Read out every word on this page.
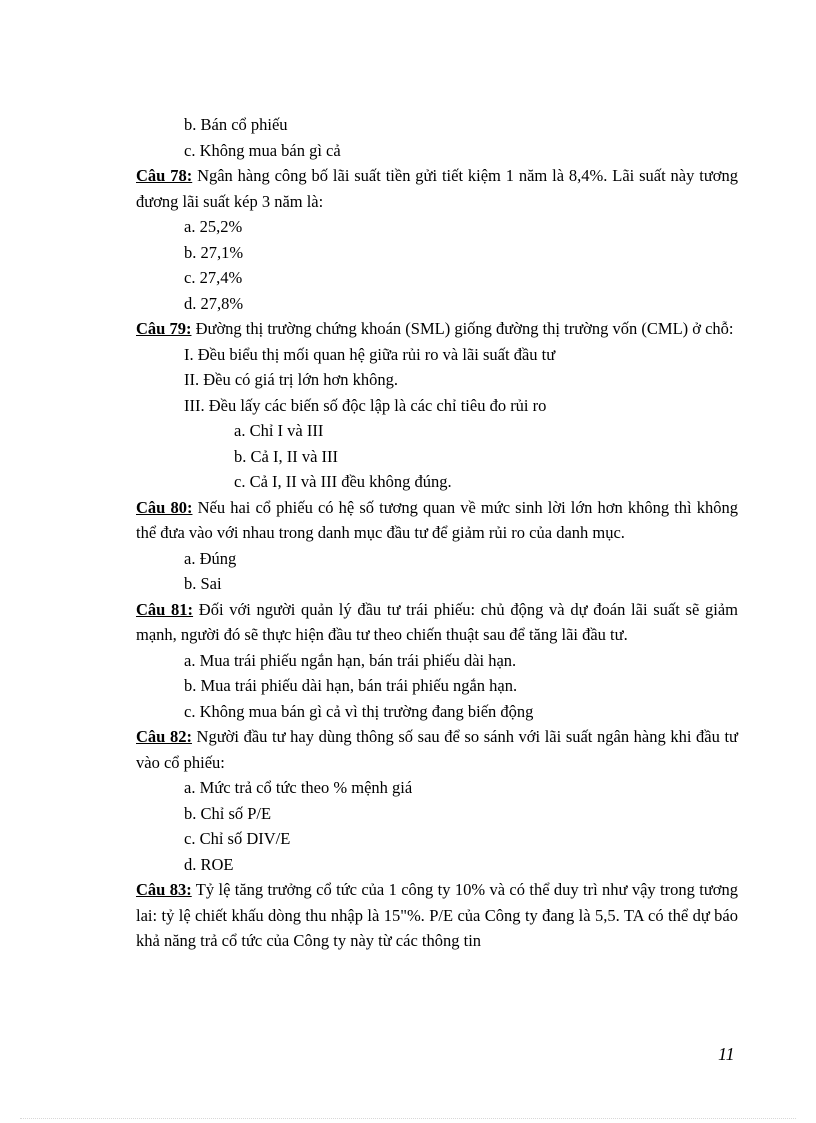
b. Bán cổ phiếu
c. Không mua bán gì cả
Câu 78: Ngân hàng công bố lãi suất tiền gửi tiết kiệm 1 năm là 8,4%. Lãi suất này tương đương lãi suất kép 3 năm là:
a. 25,2%
b. 27,1%
c. 27,4%
d. 27,8%
Câu 79: Đường thị trường chứng khoán (SML) giống đường thị trường vốn (CML) ở chỗ:
I. Đều biểu thị mối quan hệ giữa rủi ro và lãi suất đầu tư
II. Đều có giá trị lớn hơn không.
III. Đều lấy các biến số độc lập là các chỉ tiêu đo rủi ro
a. Chỉ I và III
b. Cả I, II và III
c. Cả I, II và III đều không đúng.
Câu 80: Nếu hai cổ phiếu có hệ số tương quan về mức sinh lời lớn hơn không thì không thể đưa vào với nhau trong danh mục đầu tư để giảm rủi ro của danh mục.
a. Đúng
b. Sai
Câu 81: Đối với người quản lý đầu tư trái phiếu: chủ động và dự đoán lãi suất sẽ giảm mạnh, người đó sẽ thực hiện đầu tư theo chiến thuật sau để tăng lãi đầu tư.
a. Mua trái phiếu ngắn hạn, bán trái phiếu dài hạn.
b. Mua trái phiếu dài hạn, bán trái phiếu ngắn hạn.
c. Không mua bán gì cả vì thị trường đang biến động
Câu 82: Người đầu tư hay dùng thông số sau để so sánh với lãi suất ngân hàng khi đầu tư vào cổ phiếu:
a. Mức trả cổ tức theo % mệnh giá
b. Chỉ số P/E
c. Chỉ số DIV/E
d. ROE
Câu 83: Tỷ lệ tăng trưởng cổ tức của 1 công ty 10% và có thể duy trì như vậy trong tương lai: tỷ lệ chiết khấu dòng thu nhập là 15"%. P/E của Công ty đang là 5,5. TA có thể dự báo khả năng trả cổ tức của Công ty này từ các thông tin
11
